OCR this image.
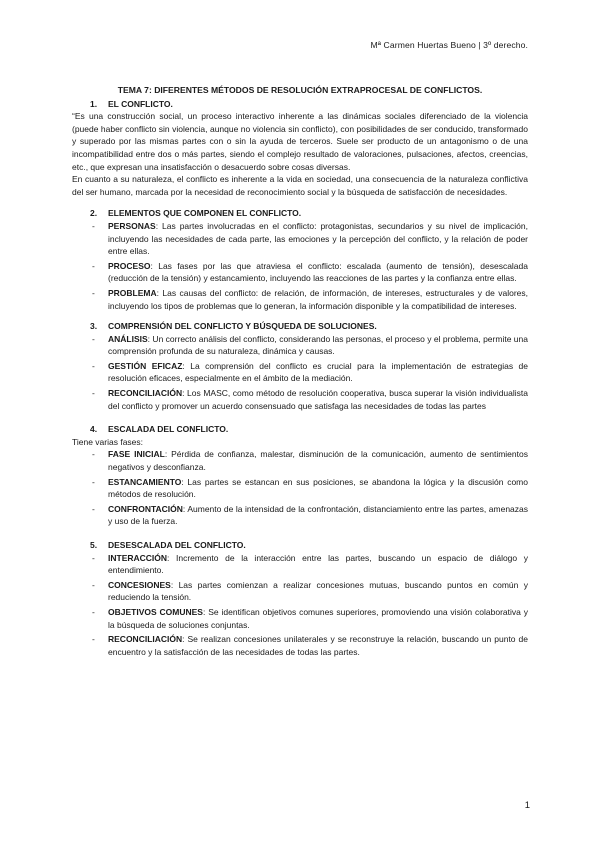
Mª Carmen Huertas Bueno | 3º derecho.
TEMA 7: DIFERENTES MÉTODOS DE RESOLUCIÓN EXTRAPROCESAL DE CONFLICTOS.
1.	EL CONFLICTO.

“Es una construcción social, un proceso interactivo inherente a las dinámicas sociales diferenciado de la violencia (puede haber conflicto sin violencia, aunque no violencia sin conflicto), con posibilidades de ser conducido, transformado y superado por las mismas partes con o sin la ayuda de terceros. Suele ser producto de un antagonismo o de una incompatibilidad entre dos o más partes, siendo el complejo resultado de valoraciones, pulsaciones, afectos, creencias, etc., que expresan una insatisfacción o desacuerdo sobre cosas diversas.

En cuanto a su naturaleza, el conflicto es inherente a la vida en sociedad, una consecuencia de la naturaleza conflictiva del ser humano, marcada por la necesidad de reconocimiento social y la búsqueda de satisfacción de necesidades.

2.	ELEMENTOS QUE COMPONEN EL CONFLICTO.
-	PERSONAS: Las partes involucradas en el conflicto: protagonistas, secundarios y su nivel de implicación, incluyendo las necesidades de cada parte, las emociones y la percepción del conflicto, y la relación de poder entre ellas.
-	PROCESO: Las fases por las que atraviesa el conflicto: escalada (aumento de tensión), desescalada (reducción de la tensión) y estancamiento, incluyendo las reacciones de las partes y la confianza entre ellas.
-	PROBLEMA: Las causas del conflicto: de relación, de información, de intereses, estructurales y de valores, incluyendo los tipos de problemas que lo generan, la información disponible y la compatibilidad de intereses.
3.	COMPRENSIÓN DEL CONFLICTO Y BÚSQUEDA DE SOLUCIONES.
-	ANÁLISIS: Un correcto análisis del conflicto, considerando las personas, el proceso y el problema, permite una comprensión profunda de su naturaleza, dinámica y causas.
-	GESTIÓN EFICAZ: La comprensión del conflicto es crucial para la implementación de estrategias de resolución eficaces, especialmente en el ámbito de la mediación.
-	RECONCILIACIÓN: Los MASC, como método de resolución cooperativa, busca superar la visión individualista del conflicto y promover un acuerdo consensuado que satisfaga las necesidades de todas las partes
4.	ESCALADA DEL CONFLICTO.

Tiene varias fases:

-	FASE INICIAL: Pérdida de confianza, malestar, disminución de la comunicación, aumento de sentimientos negativos y desconfianza.
-	ESTANCAMIENTO: Las partes se estancan en sus posiciones, se abandona la lógica y la discusión como métodos de resolución.
-	CONFRONTACIÓN: Aumento de la intensidad de la confrontación, distanciamiento entre las partes, amenazas y uso de la fuerza.
5.	DESESCALADA DEL CONFLICTO.
-	INTERACCIÓN: Incremento de la interacción entre las partes, buscando un espacio de diálogo y entendimiento.
-	CONCESIONES: Las partes comienzan a realizar concesiones mutuas, buscando puntos en común y reduciendo la tensión.
-	OBJETIVOS COMUNES: Se identifican objetivos comunes superiores, promoviendo una visión colaborativa y la búsqueda de soluciones conjuntas.
-	RECONCILIACIÓN: Se realizan concesiones unilaterales y se reconstruye la relación, buscando un punto de encuentro y la satisfacción de las necesidades de todas las partes.
1
